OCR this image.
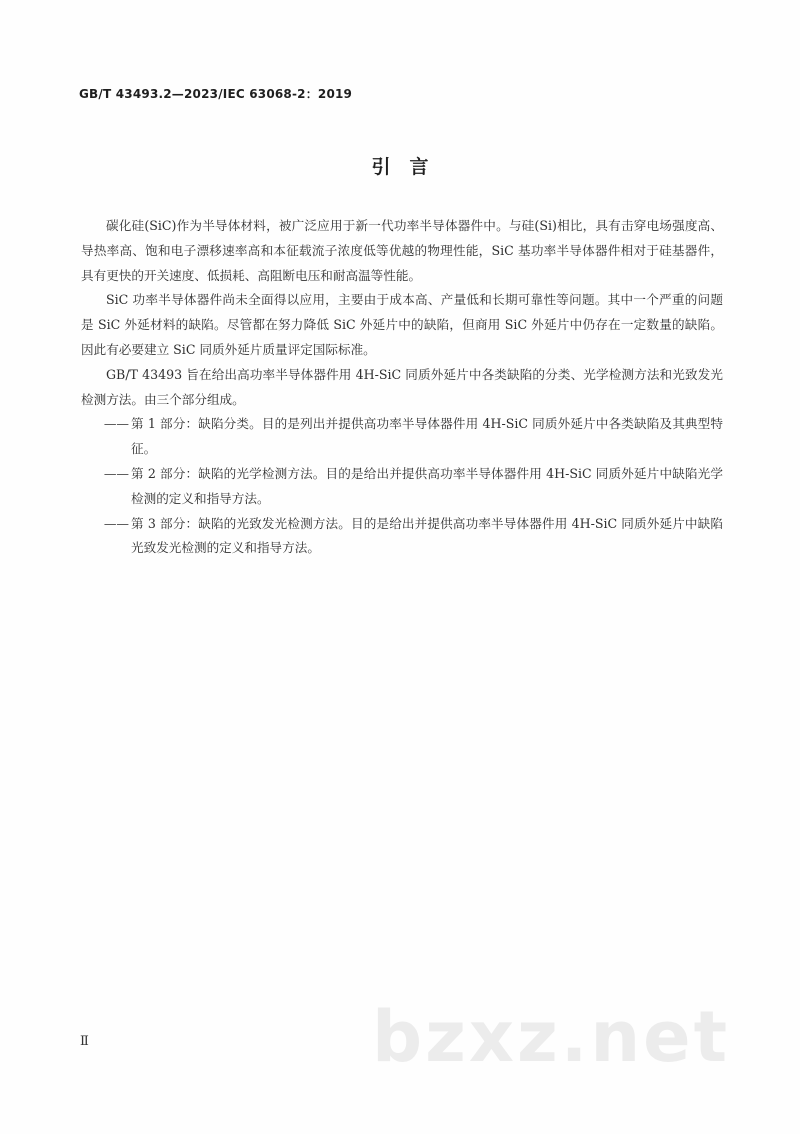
GB/T 43493.2—2023/IEC 63068-2：2019
引　言

碳化硅(SiC)作为半导体材料，被广泛应用于新一代功率半导体器件中。与硅(Si)相比，具有击穿电场强度高、导热率高、饱和电子漂移速率高和本征载流子浓度低等优越的物理性能，SiC 基功率半导体器件相对于硅基器件，具有更快的开关速度、低损耗、高阻断电压和耐高温等性能。

SiC 功率半导体器件尚未全面得以应用，主要由于成本高、产量低和长期可靠性等问题。其中一个严重的问题是 SiC 外延材料的缺陷。尽管都在努力降低 SiC 外延片中的缺陷，但商用 SiC 外延片中仍存在一定数量的缺陷。因此有必要建立 SiC 同质外延片质量评定国际标准。

GB/T 43493 旨在给出高功率半导体器件用 4H-SiC 同质外延片中各类缺陷的分类、光学检测方法和光致发光检测方法。由三个部分组成。

—— 第 1 部分：缺陷分类。目的是列出并提供高功率半导体器件用 4H-SiC 同质外延片中各类缺陷及其典型特征。
—— 第 2 部分：缺陷的光学检测方法。目的是给出并提供高功率半导体器件用 4H-SiC 同质外延片中缺陷光学检测的定义和指导方法。
—— 第 3 部分：缺陷的光致发光检测方法。目的是给出并提供高功率半导体器件用 4H-SiC 同质外延片中缺陷光致发光检测的定义和指导方法。
Ⅱ	bzxz.net
